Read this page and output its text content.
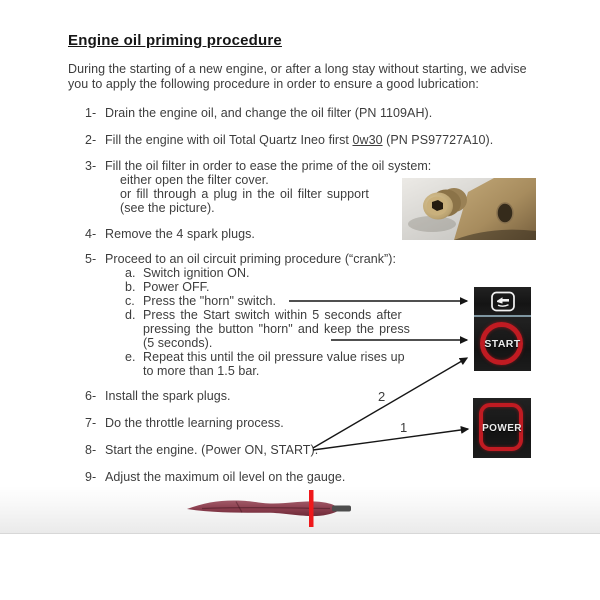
Engine oil priming procedure
During the starting of a new engine, or after a long stay without starting, we advise
you to apply the following procedure in order to ensure a good lubrication:
1- Drain the engine oil, and change the oil filter (PN 1109AH).
2- Fill the engine with oil Total Quartz Ineo first 0w30 (PN PS97727A10).
3- Fill the oil filter in order to ease the prime of the oil system:
either open the filter cover.
or fill through a plug in the oil filter support
(see the picture).
4- Remove the 4 spark plugs.
5- Proceed to an oil circuit priming procedure (“crank”):
a. Switch ignition ON.
b. Power OFF.
c. Press the "horn" switch.
d. Press the Start switch within 5 seconds after
pressing the button "horn" and keep the press
(5 seconds).
e. Repeat this until the oil pressure value rises up
to more than 1.5 bar.
6- Install the spark plugs.
7- Do the throttle learning process.
8- Start the engine. (Power ON, START).
9- Adjust the maximum oil level on the gauge.
START
POWER
2
1
